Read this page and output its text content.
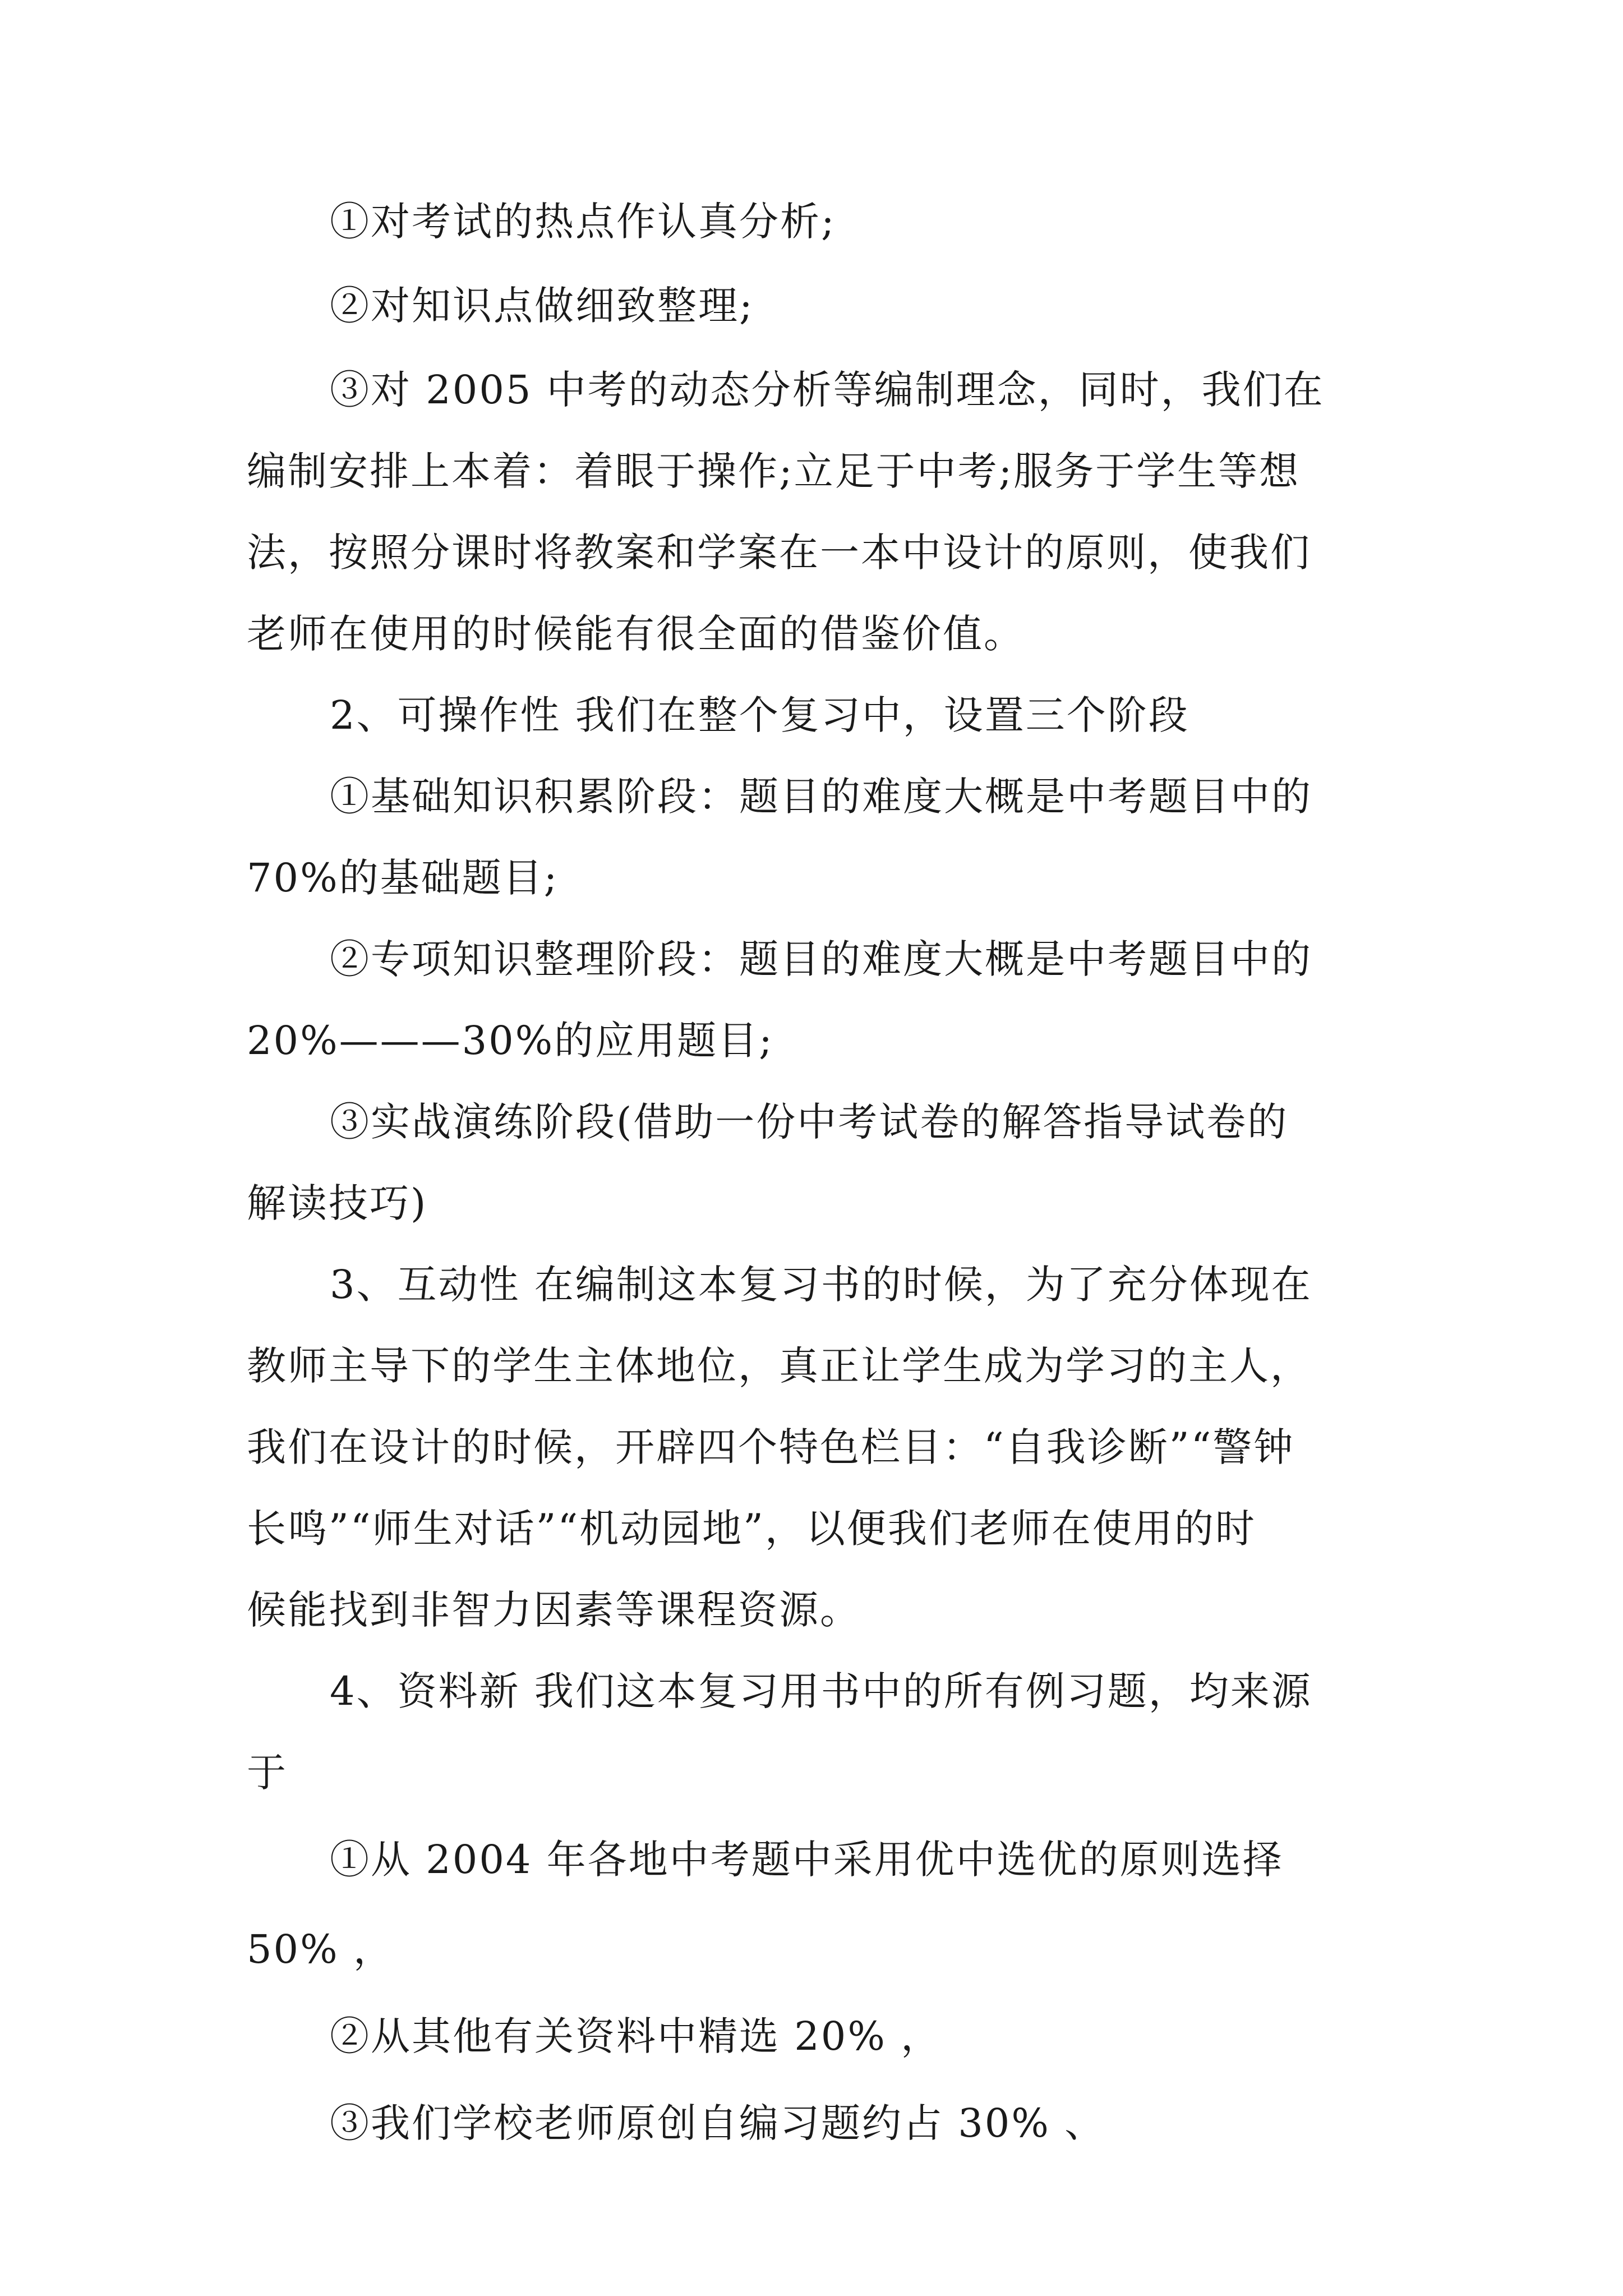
①对考试的热点作认真分析;
②对知识点做细致整理;
③对 2005 中考的动态分析等编制理念，同时，我们在
编制安排上本着：着眼于操作;立足于中考;服务于学生等想
法，按照分课时将教案和学案在一本中设计的原则，使我们
老师在使用的时候能有很全面的借鉴价值。
2、可操作性 我们在整个复习中，设置三个阶段
①基础知识积累阶段：题目的难度大概是中考题目中的
70%的基础题目;
②专项知识整理阶段：题目的难度大概是中考题目中的
20%———30%的应用题目;
③实战演练阶段(借助一份中考试卷的解答指导试卷的
解读技巧)
3、互动性 在编制这本复习书的时候，为了充分体现在
教师主导下的学生主体地位，真正让学生成为学习的主人，
我们在设计的时候，开辟四个特色栏目：“自我诊断”“警钟
长鸣”“师生对话”“机动园地”，以便我们老师在使用的时
候能找到非智力因素等课程资源。
4、资料新 我们这本复习用书中的所有例习题，均来源
于
①从 2004 年各地中考题中采用优中选优的原则选择
50% ，
②从其他有关资料中精选 20% ，
③我们学校老师原创自编习题约占 30% 、
